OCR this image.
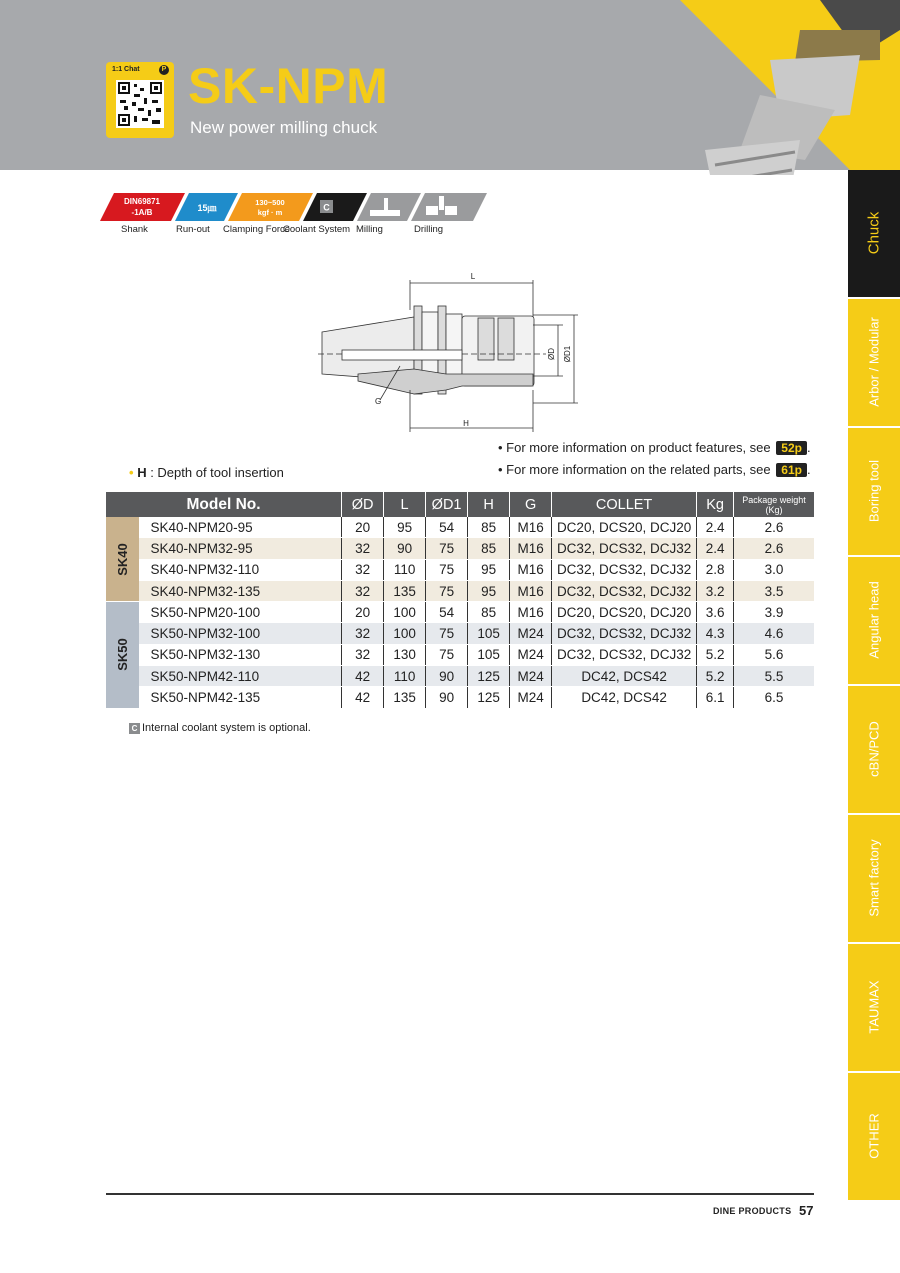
1:1 Chat	P SK-NPM
New power milling chuck
DIN69871
-1A/B	15㎛
130~500
kgf · m	C
Shank	Run-out Clamping Force
Coolant System Milling	Drilling
L
ØD ØD1
G
H
• H : Depth of tool insertion
• For more information on product features, see 52p .
• For more information on the related parts, see 61p .
Model No.		ØD	L	ØD1	H	G	COLLET	Kg	Package weight (Kg)

SK40	SK40-NPM20-95	20	95	54	85	M16	DC20, DCS20, DCJ20	2.4	2.6
	SK40-NPM32-95	32	90	75	85	M16	DC32, DCS32, DCJ32	2.4	2.6
	SK40-NPM32-110	32	110	75	95	M16	DC32, DCS32, DCJ32	2.8	3.0
	SK40-NPM32-135	32	135	75	95	M16	DC32, DCS32, DCJ32	3.2	3.5

SK50	SK50-NPM20-100	20	100	54	85	M16	DC20, DCS20, DCJ20	3.6	3.9
	SK50-NPM32-100	32	100	75	105	M24	DC32, DCS32, DCJ32	4.3	4.6
	SK50-NPM32-130	32	130	75	105	M24	DC32, DCS32, DCJ32	5.2	5.6
	SK50-NPM42-110	42	110	90	125	M24	DC42, DCS42	5.2	5.5
	SK50-NPM42-135	42	135	90	125	M24	DC42, DCS42	6.1	6.5
C Internal coolant system is optional.
Chuck
Arbor / Modular
Boring tool
Angular head
cBN/PCD
Smart factory
TAUMAX
OTHER
DINE PRODUCTS 57
